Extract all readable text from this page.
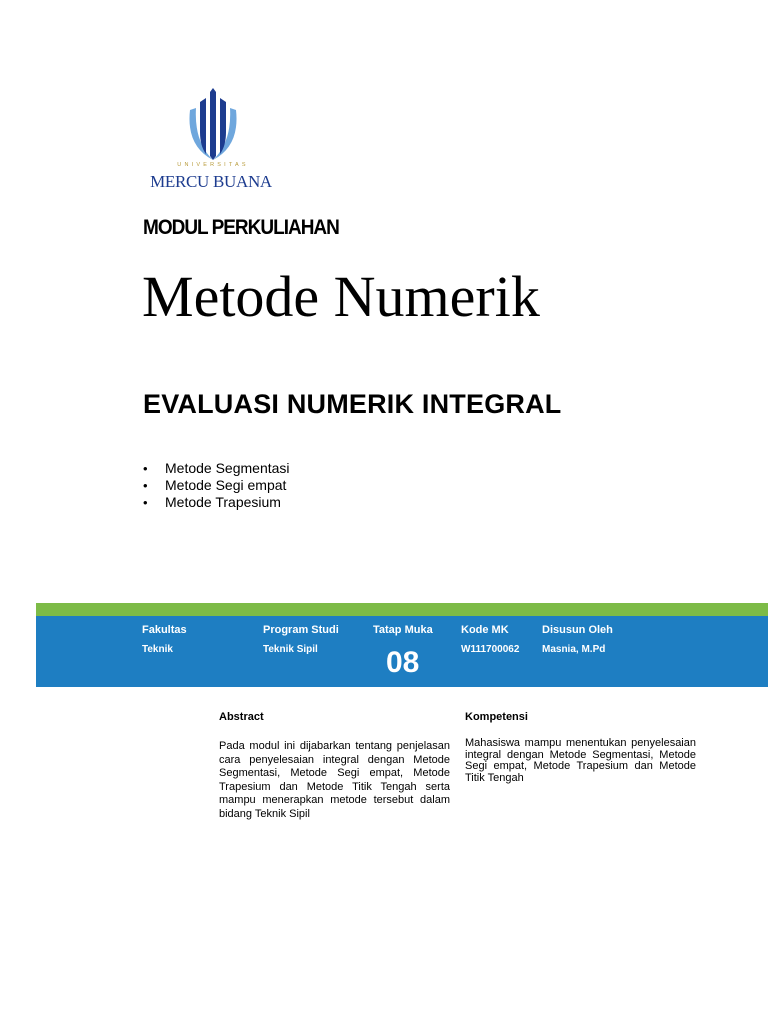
UNIVERSITAS
MERCU BUANA
MODUL PERKULIAHAN
Metode Numerik
EVALUASI NUMERIK INTEGRAL
• Metode Segmentasi
• Metode Segi empat
• Metode Trapesium
Fakultas
Teknik
Program Studi
Teknik Sipil
Tatap Muka
08
Kode MK
W111700062
Disusun Oleh
Masnia, M.Pd
Abstract
Pada modul ini dijabarkan tentang penjelasan cara penyelesaian integral dengan Metode Segmentasi, Metode Segi empat, Metode Trapesium dan Metode Titik Tengah serta mampu menerapkan metode tersebut dalam bidang Teknik Sipil
Kompetensi
Mahasiswa mampu menentukan penyelesaian integral dengan Metode Segmentasi, Metode Segi empat, Metode Trapesium dan Metode Titik Tengah
